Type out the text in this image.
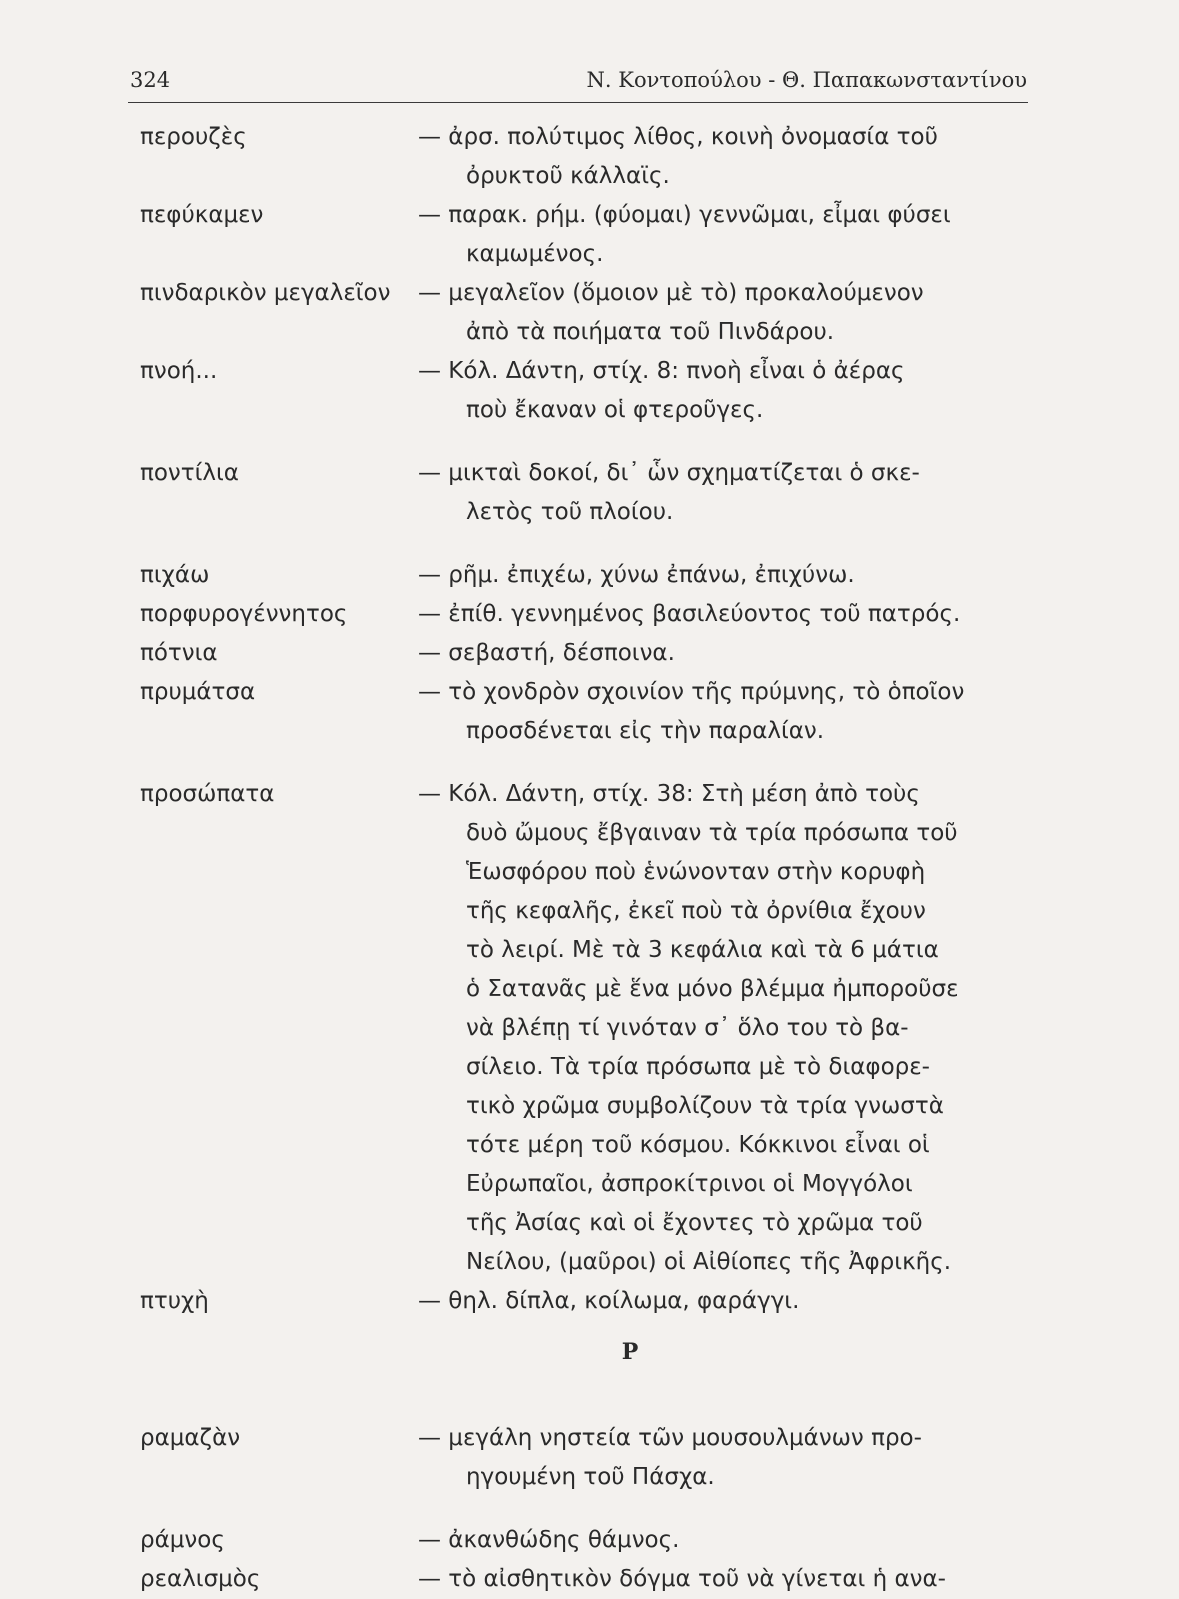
324	Ν. Κοντοπούλου - Θ. Παπακωνσταντίνου
περουζὲς	— ἀρσ. πολύτιμος λίθος, κοινὴ ὀνομασία τοῦ
ὀρυκτοῦ κάλλαϊς.
πεφύκαμεν	— παρακ. ρήμ. (φύομαι) γεννῶμαι, εἶμαι φύσει
καμωμένος.
πινδαρικὸν μεγαλεῖον — μεγαλεῖον (ὅμοιον μὲ τὸ) προκαλούμενον
ἀπὸ τὰ ποιήματα τοῦ Πινδάρου.
πνοή...	— Κόλ. Δάντη, στίχ. 8: πνοὴ εἶναι ὁ ἀέρας
ποὺ ἔκαναν οἱ φτεροῦγες.
ποντίλια	— μικταὶ δοκοί, δι᾿ ὧν σχηματίζεται ὁ σκε-
λετὸς τοῦ πλοίου.
πιχάω	— ρῆμ. ἐπιχέω, χύνω ἐπάνω, ἐπιχύνω.
πορφυρογέννητος	— ἐπίθ. γεννημένος βασιλεύοντος τοῦ πατρός.
πότνια	— σεβαστή, δέσποινα.
πρυμάτσα	— τὸ χονδρὸν σχοινίον τῆς πρύμνης, τὸ ὁποῖον
προσδένεται εἰς τὴν παραλίαν.
προσώπατα	— Κόλ. Δάντη, στίχ. 38: Στὴ μέση ἀπὸ τοὺς
δυὸ ὤμους ἔβγαιναν τὰ τρία πρόσωπα τοῦ
Ἑωσφόρου ποὺ ἑνώνονταν στὴν κορυφὴ
τῆς κεφαλῆς, ἐκεῖ ποὺ τὰ ὀρνίθια ἔχουν
τὸ λειρί. Μὲ τὰ 3 κεφάλια καὶ τὰ 6 μάτια
ὁ Σατανᾶς μὲ ἕνα μόνο βλέμμα ἠμποροῦσε
νὰ βλέπῃ τί γινόταν σ᾿ ὅλο του τὸ βα-
σίλειο. Τὰ τρία πρόσωπα μὲ τὸ διαφορε-
τικὸ χρῶμα συμβολίζουν τὰ τρία γνωστὰ
τότε μέρη τοῦ κόσμου. Κόκκινοι εἶναι οἱ
Εὐρωπαῖοι, ἀσπροκίτρινοι οἱ Μογγόλοι
τῆς Ἀσίας καὶ οἱ ἔχοντες τὸ χρῶμα τοῦ
Νείλου, (μαῦροι) οἱ Αἰθίοπες τῆς Ἀφρικῆς.
πτυχὴ	— θηλ. δίπλα, κοίλωμα, φαράγγι.
Ρ
ραμαζὰν	— μεγάλη νηστεία τῶν μουσουλμάνων προ-
ηγουμένη τοῦ Πάσχα.
ράμνος	— ἀκανθώδης θάμνος.
ρεαλισμὸς	— τὸ αἰσθητικὸν δόγμα τοῦ νὰ γίνεται ἡ ανα-
